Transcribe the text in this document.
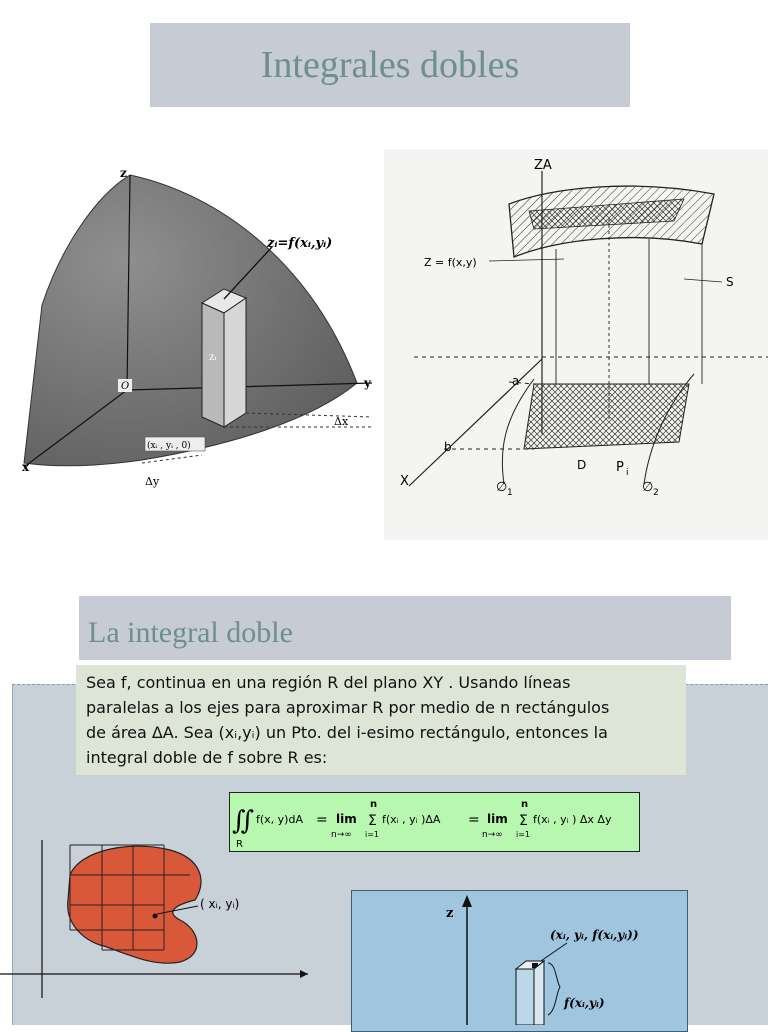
Integrales dobles
z
zᵢ=f(xᵢ,yᵢ)
zᵢ
O	y
x
(xᵢ , yᵢ , 0)
Δx
Δy
ZA
Z = f(x,y)
S
X
a
b
D P i
∅ 1	∅ 2
La integral doble
Sea f, continua en una región R del plano XY . Usando líneas
paralelas a los ejes para aproximar R por medio de n rectángulos
de área ΔA. Sea (xᵢ,yᵢ) un Pto. del i-esimo rectángulo, entonces la
integral doble de f sobre R es:
∬
R
f(x, y)dA = lim
n→∞
n
Σ
i=1
f(xᵢ , yᵢ )ΔA = lim
n→∞
n
Σ
i=1
f(xᵢ , yᵢ ) Δx Δy
( xᵢ, yᵢ)
z
(xᵢ, yᵢ, f(xᵢ,yᵢ))
f(xᵢ,yᵢ)
